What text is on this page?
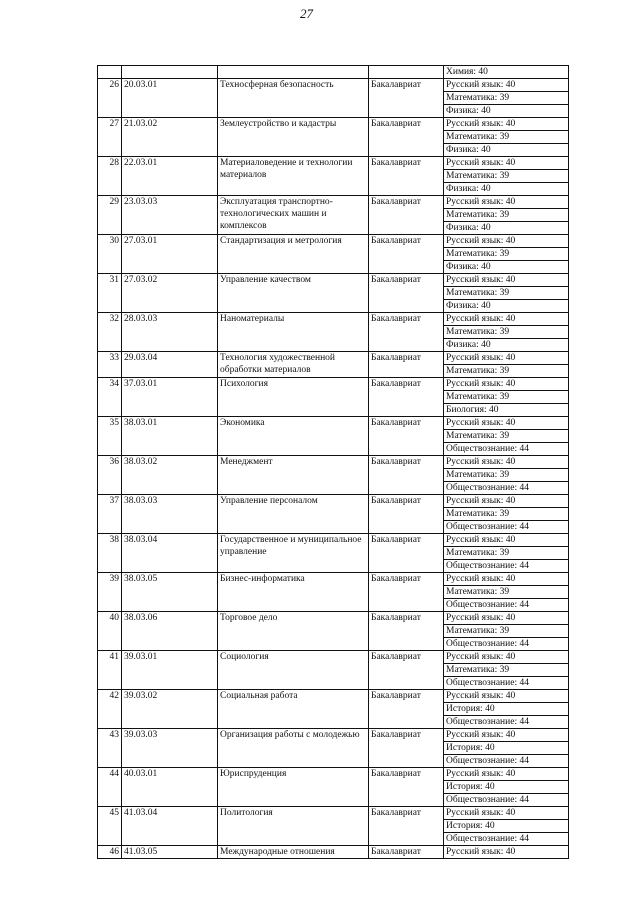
27
				Химия: 40
26	20.03.01	Техносферная безопасность	Бакалавриат	Русский язык: 40
				Математика: 39
				Физика: 40
27	21.03.02	Землеустройство и кадастры	Бакалавриат	Русский язык: 40
				Математика: 39
				Физика: 40
28	22.03.01	Материаловедение и технологии материалов	Бакалавриат	Русский язык: 40
				Математика: 39
				Физика: 40
29	23.03.03	Эксплуатация транспортно-технологических машин и комплексов	Бакалавриат	Русский язык: 40
				Математика: 39
				Физика: 40
30	27.03.01	Стандартизация и метрология	Бакалавриат	Русский язык: 40
				Математика: 39
				Физика: 40
31	27.03.02	Управление качеством	Бакалавриат	Русский язык: 40
				Математика: 39
				Физика: 40
32	28.03.03	Наноматериалы	Бакалавриат	Русский язык: 40
				Математика: 39
				Физика: 40
33	29.03.04	Технология художественной обработки материалов	Бакалавриат	Русский язык: 40
				Математика: 39
34	37.03.01	Психология	Бакалавриат	Русский язык: 40
				Математика: 39
				Биология: 40
35	38.03.01	Экономика	Бакалавриат	Русский язык: 40
				Математика: 39
				Обществознание: 44
36	38.03.02	Менеджмент	Бакалавриат	Русский язык: 40
				Математика: 39
				Обществознание: 44
37	38.03.03	Управление персоналом	Бакалавриат	Русский язык: 40
				Математика: 39
				Обществознание: 44
38	38.03.04	Государственное и муниципальное управление	Бакалавриат	Русский язык: 40
				Математика: 39
				Обществознание: 44
39	38.03.05	Бизнес-информатика	Бакалавриат	Русский язык: 40
				Математика: 39
				Обществознание: 44
40	38.03.06	Торговое дело	Бакалавриат	Русский язык: 40
				Математика: 39
				Обществознание: 44
41	39.03.01	Социология	Бакалавриат	Русский язык: 40
				Математика: 39
				Обществознание: 44
42	39.03.02	Социальная работа	Бакалавриат	Русский язык: 40
				История: 40
				Обществознание: 44
43	39.03.03	Организация работы с молодежью	Бакалавриат	Русский язык: 40
				История: 40
				Обществознание: 44
44	40.03.01	Юриспруденция	Бакалавриат	Русский язык: 40
				История: 40
				Обществознание: 44
45	41.03.04	Политология	Бакалавриат	Русский язык: 40
				История: 40
				Обществознание: 44
46	41.03.05	Международные отношения	Бакалавриат	Русский язык: 40
